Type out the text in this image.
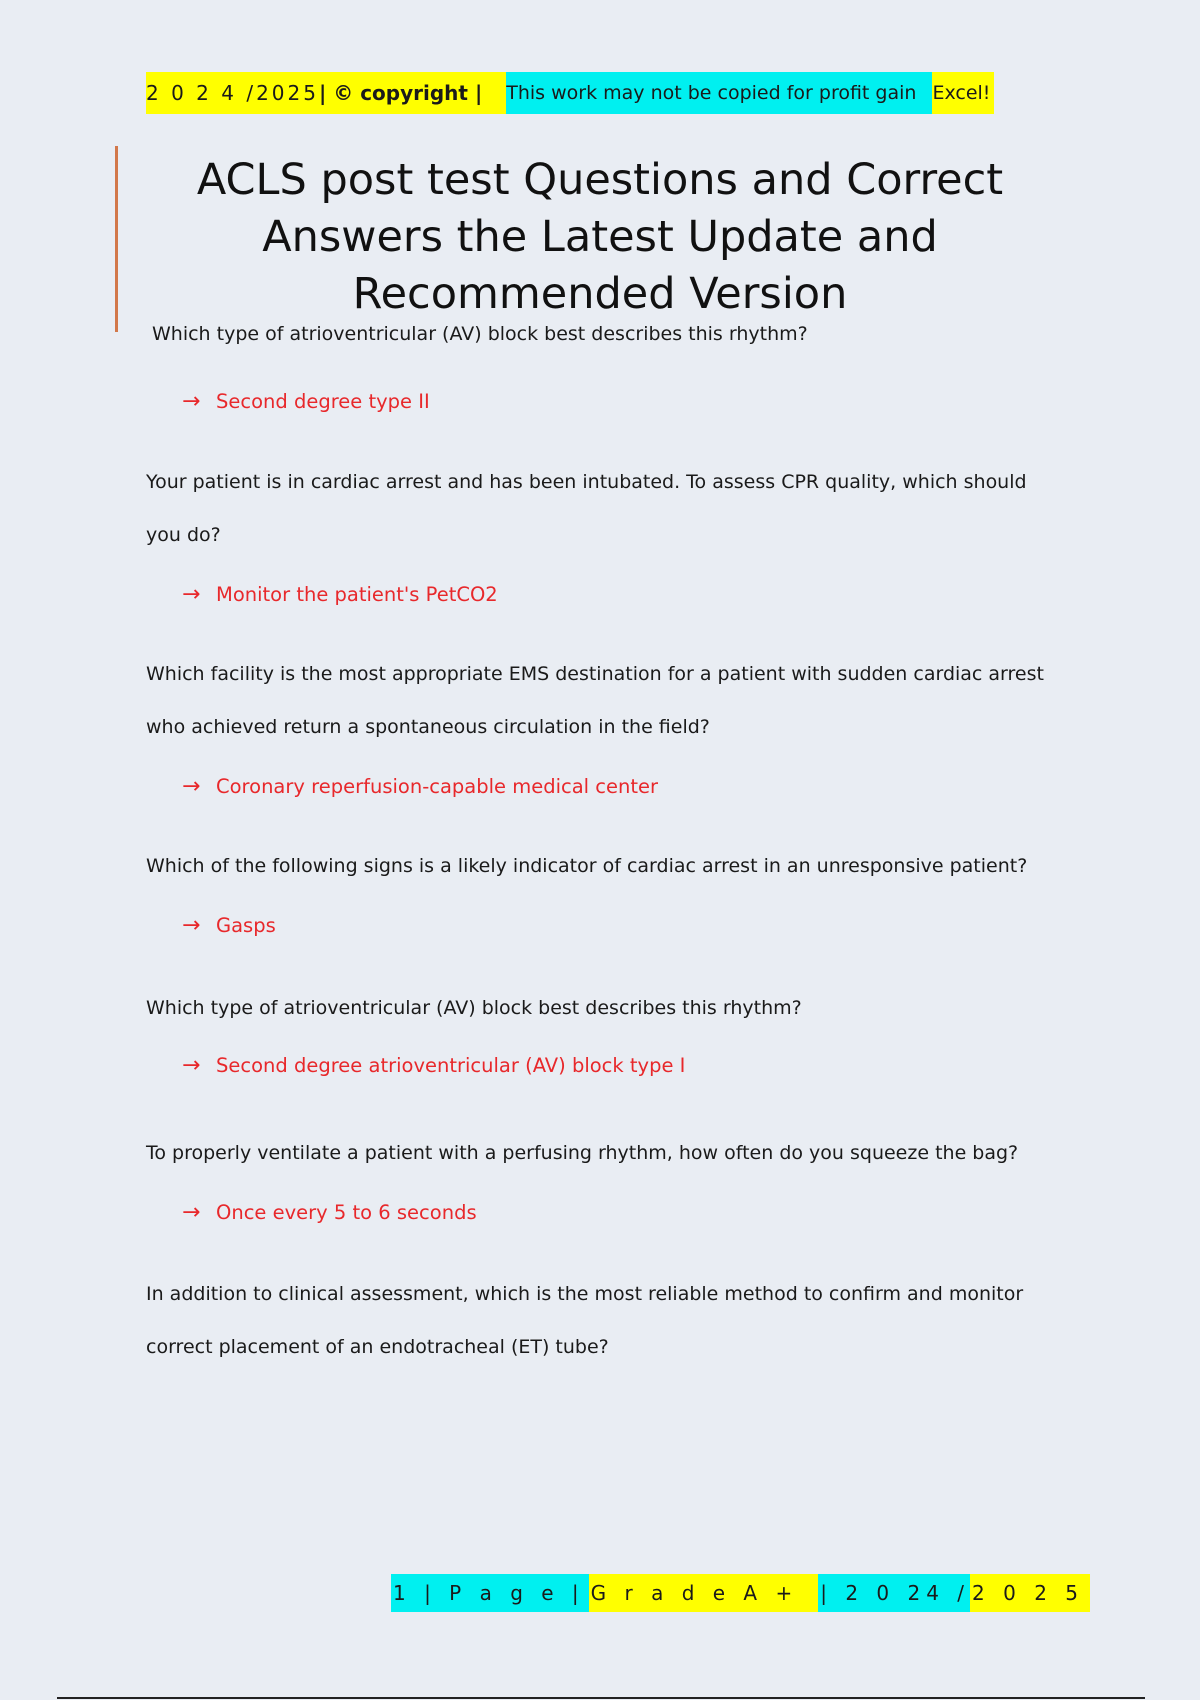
2 0 2 4 /2025 | © copyright |	This work may not be copied for profit gain Excel!
ACLS post test Questions and Correct Answers the Latest Update and Recommended Version

Which type of atrioventricular (AV) block best describes this rhythm?

→ Second degree type II

Your patient is in cardiac arrest and has been intubated. To assess CPR quality, which should you do?

→ Monitor the patient's PetCO2

Which facility is the most appropriate EMS destination for a patient with sudden cardiac arrest who achieved return a spontaneous circulation in the field?

→ Coronary reperfusion-capable medical center

Which of the following signs is a likely indicator of cardiac arrest in an unresponsive patient?

→ Gasps

Which type of atrioventricular (AV) block best describes this rhythm?

→ Second degree atrioventricular (AV) block type I

To properly ventilate a patient with a perfusing rhythm, how often do you squeeze the bag?

→ Once every 5 to 6 seconds

In addition to clinical assessment, which is the most reliable method to confirm and monitor correct placement of an endotracheal (ET) tube?

1 | P a g e | G r a d e A +	| 2 0 24 / 2 0 2 5
